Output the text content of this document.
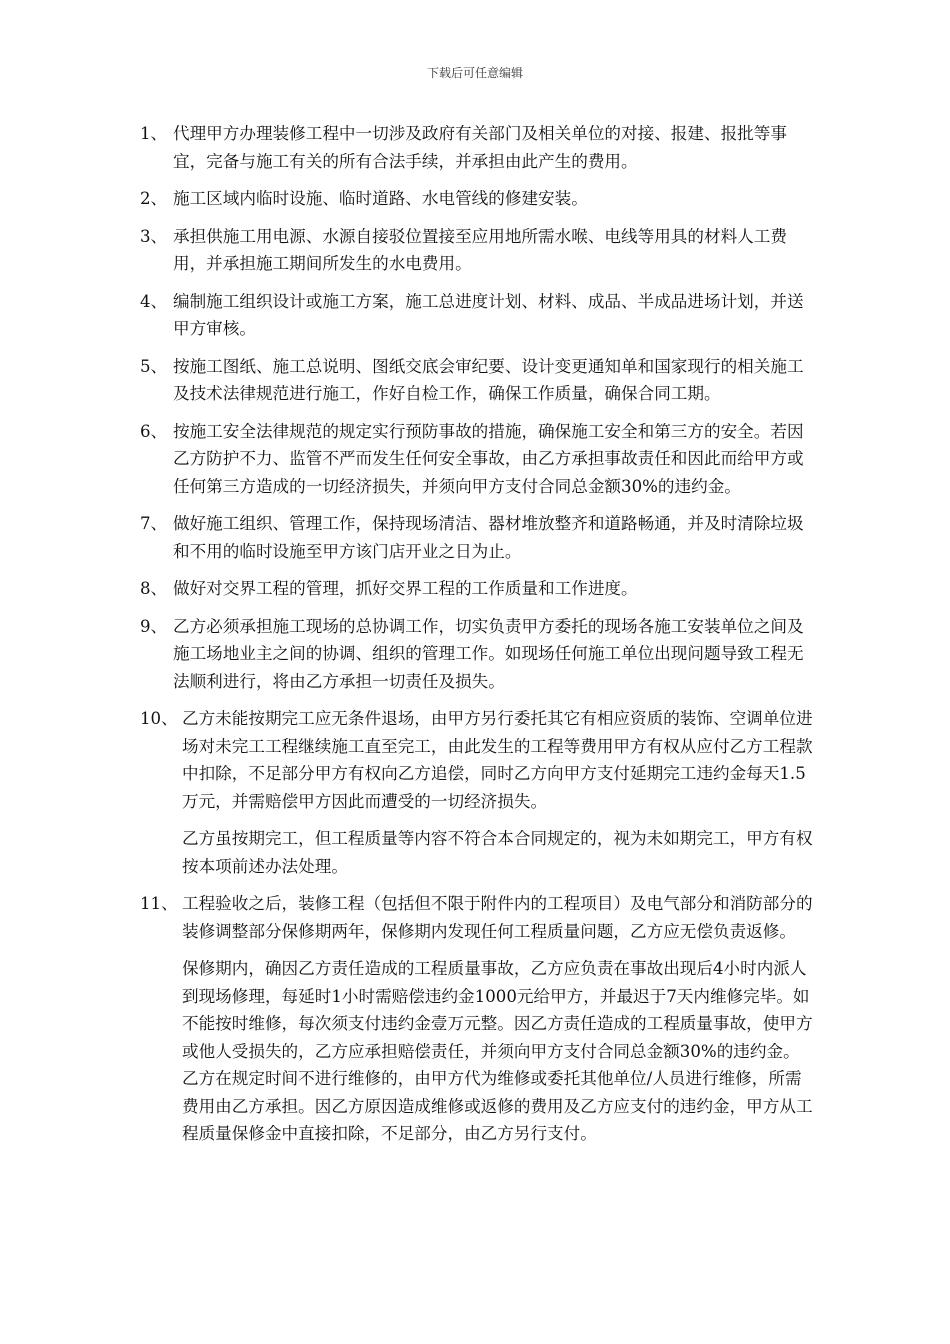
下载后可任意编辑
1、 代理甲方办理装修工程中一切涉及政府有关部门及相关单位的对接、报建、报批等事宜，完备与施工有关的所有合法手续，并承担由此产生的费用。

2、 施工区域内临时设施、临时道路、水电管线的修建安装。

3、 承担供施工用电源、水源自接驳位置接至应用地所需水喉、电线等用具的材料人工费用，并承担施工期间所发生的水电费用。

4、 编制施工组织设计或施工方案，施工总进度计划、材料、成品、半成品进场计划，并送甲方审核。

5、 按施工图纸、施工总说明、图纸交底会审纪要、设计变更通知单和国家现行的相关施工及技术法律规范进行施工，作好自检工作，确保工作质量，确保合同工期。

6、 按施工安全法律规范的规定实行预防事故的措施，确保施工安全和第三方的安全。若因乙方防护不力、监管不严而发生任何安全事故，由乙方承担事故责任和因此而给甲方或任何第三方造成的一切经济损失，并须向甲方支付合同总金额30%的违约金。

7、 做好施工组织、管理工作，保持现场清洁、器材堆放整齐和道路畅通，并及时清除垃圾和不用的临时设施至甲方该门店开业之日为止。

8、 做好对交界工程的管理，抓好交界工程的工作质量和工作进度。

9、 乙方必须承担施工现场的总协调工作，切实负责甲方委托的现场各施工安装单位之间及施工场地业主之间的协调、组织的管理工作。如现场任何施工单位出现问题导致工程无法顺利进行，将由乙方承担一切责任及损失。

10、 乙方未能按期完工应无条件退场，由甲方另行委托其它有相应资质的装饰、空调单位进场对未完工工程继续施工直至完工，由此发生的工程等费用甲方有权从应付乙方工程款中扣除，不足部分甲方有权向乙方追偿，同时乙方向甲方支付延期完工违约金每天1.5万元，并需赔偿甲方因此而遭受的一切经济损失。

乙方虽按期完工，但工程质量等内容不符合本合同规定的，视为未如期完工，甲方有权按本项前述办法处理。

11、 工程验收之后，装修工程（包括但不限于附件内的工程项目）及电气部分和消防部分的装修调整部分保修期两年，保修期内发现任何工程质量问题，乙方应无偿负责返修。

保修期内，确因乙方责任造成的工程质量事故，乙方应负责在事故出现后4小时内派人到现场修理，每延时1小时需赔偿违约金1000元给甲方，并最迟于7天内维修完毕。如不能按时维修，每次须支付违约金壹万元整。因乙方责任造成的工程质量事故，使甲方或他人受损失的，乙方应承担赔偿责任，并须向甲方支付合同总金额30%的违约金。乙方在规定时间不进行维修的，由甲方代为维修或委托其他单位/人员进行维修，所需费用由乙方承担。因乙方原因造成维修或返修的费用及乙方应支付的违约金，甲方从工程质量保修金中直接扣除，不足部分，由乙方另行支付。
